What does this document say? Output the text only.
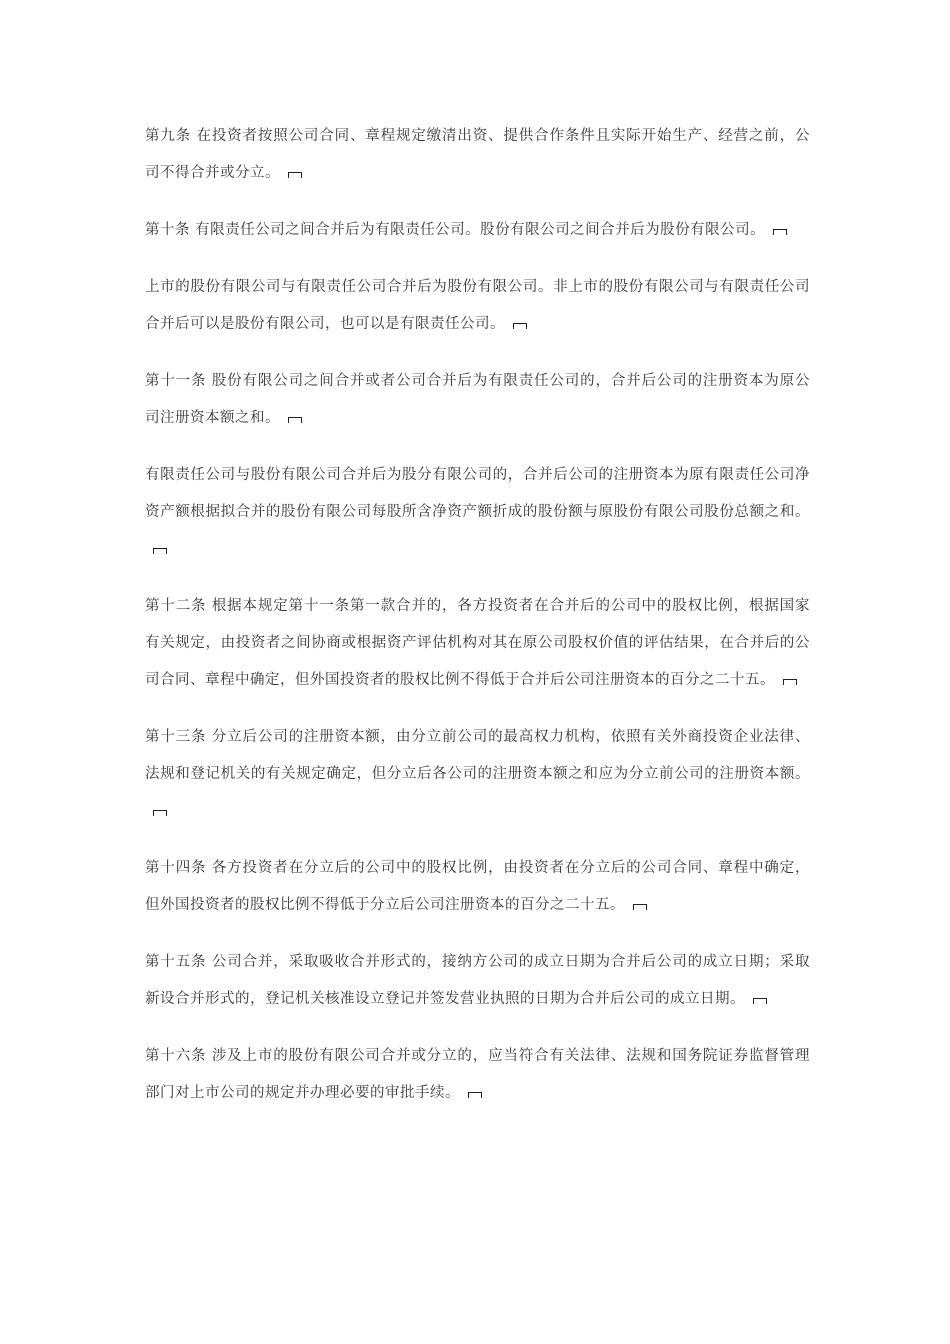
第九条 在投资者按照公司合同、章程规定缴清出资、提供合作条件且实际开始生产、经营之前，公司不得合并或分立。

第十条 有限责任公司之间合并后为有限责任公司。股份有限公司之间合并后为股份有限公司。

上市的股份有限公司与有限责任公司合并后为股份有限公司。非上市的股份有限公司与有限责任公司合并后可以是股份有限公司，也可以是有限责任公司。

第十一条 股份有限公司之间合并或者公司合并后为有限责任公司的，合并后公司的注册资本为原公司注册资本额之和。

有限责任公司与股份有限公司合并后为股分有限公司的，合并后公司的注册资本为原有限责任公司净资产额根据拟合并的股份有限公司每股所含净资产额折成的股份额与原股份有限公司股份总额之和。

第十二条 根据本规定第十一条第一款合并的，各方投资者在合并后的公司中的股权比例，根据国家有关规定，由投资者之间协商或根据资产评估机构对其在原公司股权价值的评估结果，在合并后的公司合同、章程中确定，但外国投资者的股权比例不得低于合并后公司注册资本的百分之二十五。

第十三条 分立后公司的注册资本额，由分立前公司的最高权力机构，依照有关外商投资企业法律、法规和登记机关的有关规定确定，但分立后各公司的注册资本额之和应为分立前公司的注册资本额。

第十四条 各方投资者在分立后的公司中的股权比例，由投资者在分立后的公司合同、章程中确定，但外国投资者的股权比例不得低于分立后公司注册资本的百分之二十五。

第十五条 公司合并，采取吸收合并形式的，接纳方公司的成立日期为合并后公司的成立日期；采取新设合并形式的，登记机关核准设立登记并签发营业执照的日期为合并后公司的成立日期。

第十六条 涉及上市的股份有限公司合并或分立的，应当符合有关法律、法规和国务院证券监督管理部门对上市公司的规定并办理必要的审批手续。
